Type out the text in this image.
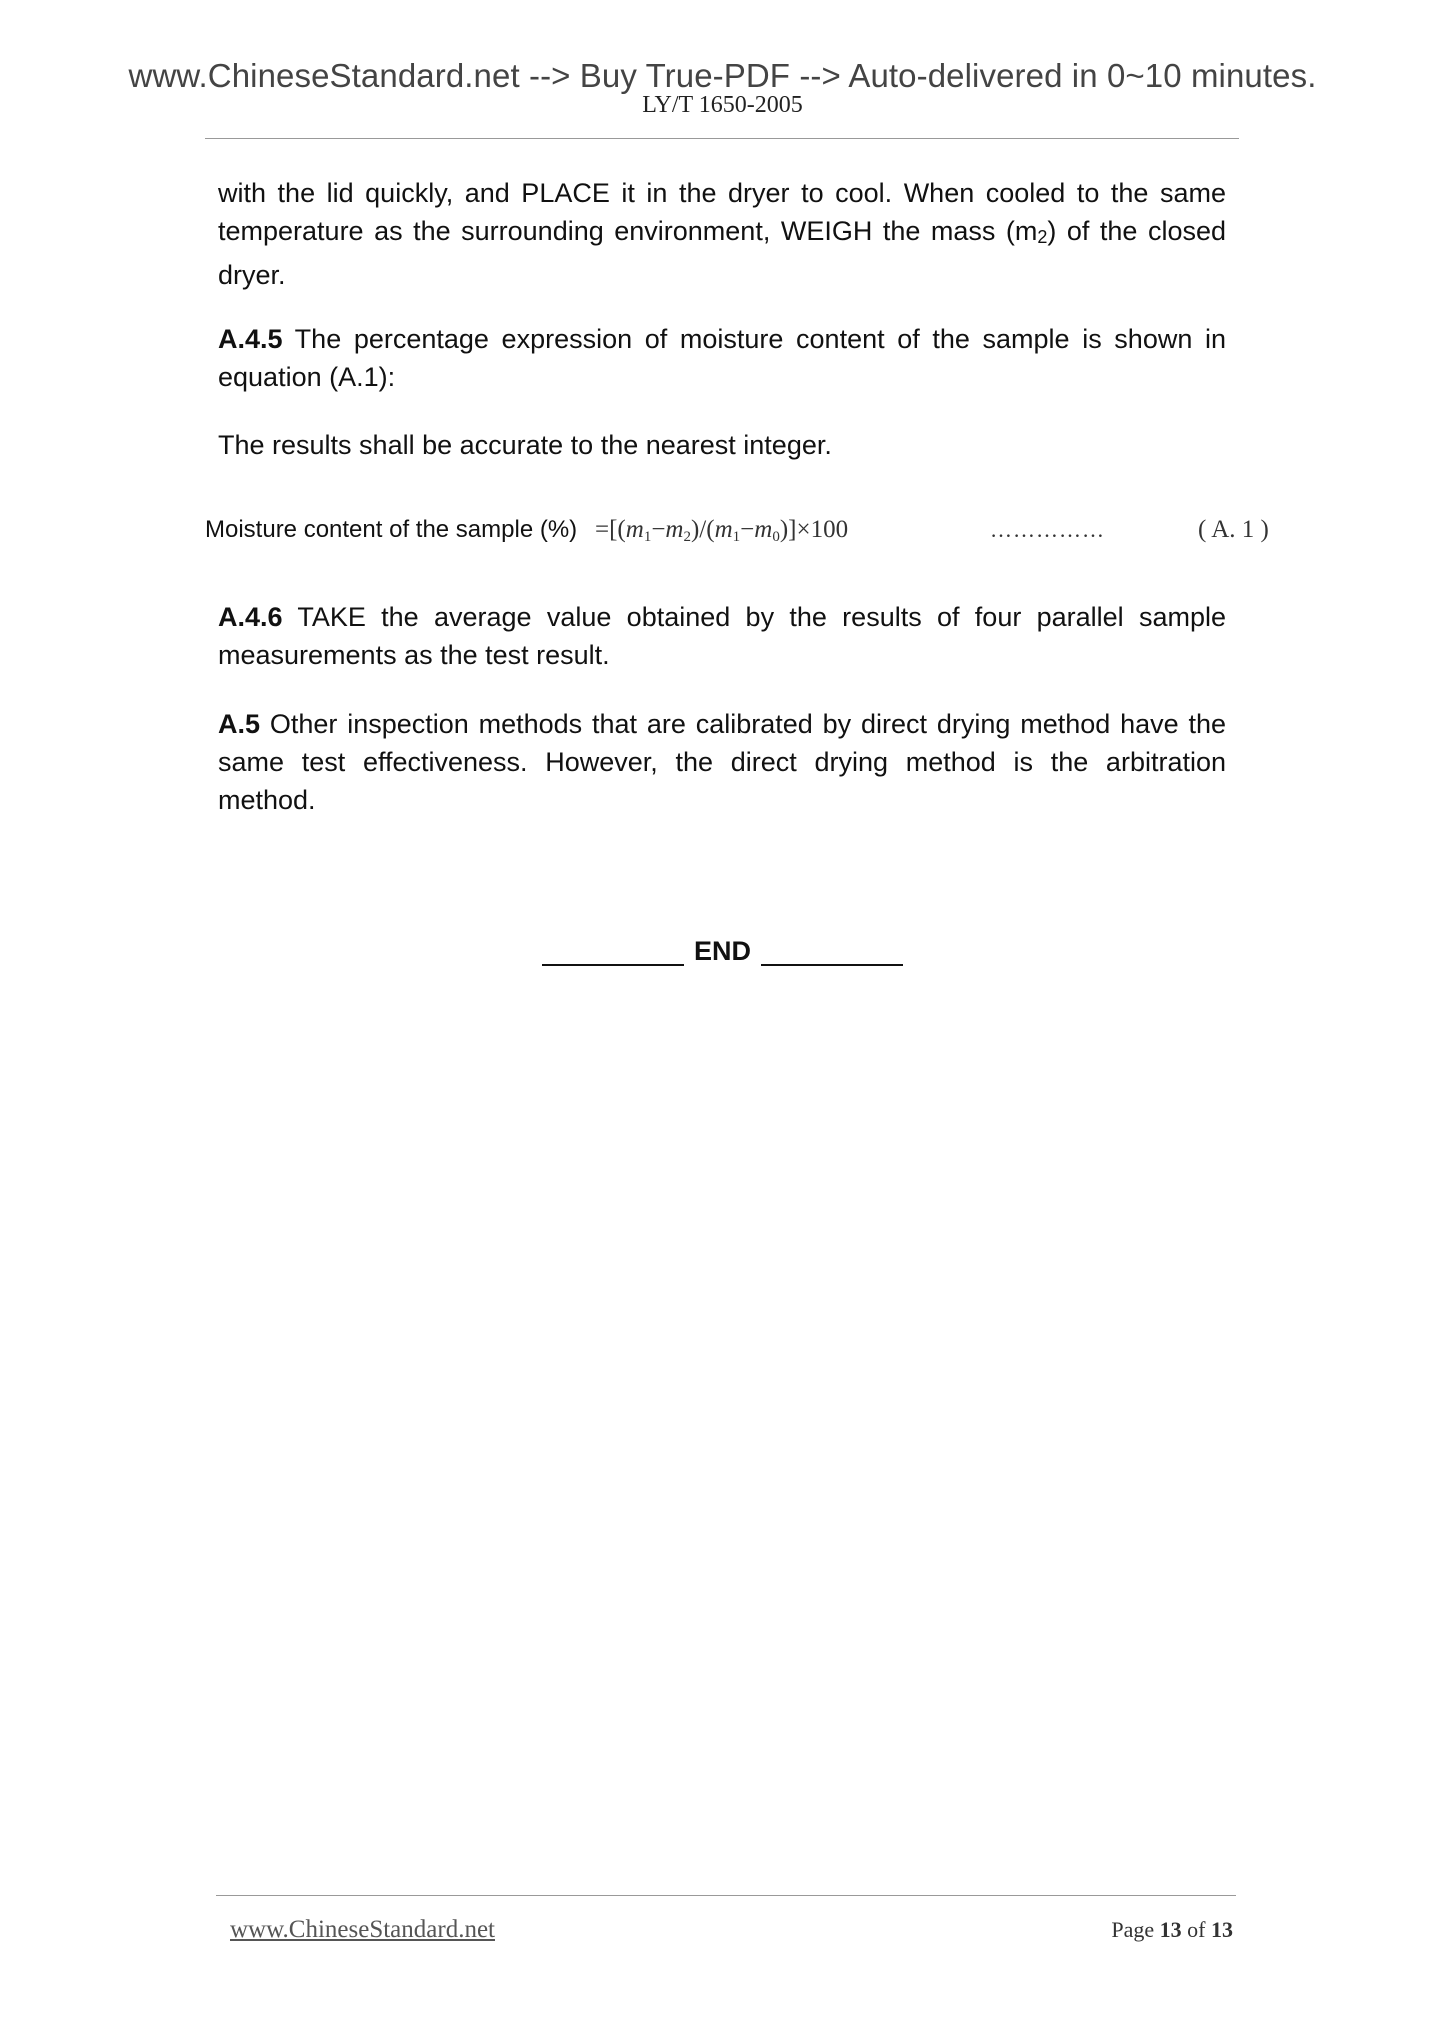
www.ChineseStandard.net --> Buy True-PDF --> Auto-delivered in 0~10 minutes.
LY/T 1650-2005

with the lid quickly, and PLACE it in the dryer to cool. When cooled to the same temperature as the surrounding environment, WEIGH the mass $(m_2)$ of the closed dryer.

A.4.5 The percentage expression of moisture content of the sample is shown in equation (A.1):

The results shall be accurate to the nearest integer.

Moisture content of the sample (%) $=[(m_1-m_2)/(m_1-m_0)]\times 100$	……………	( A. 1 )

A.4.6 TAKE the average value obtained by the results of four parallel sample measurements as the test result.

A.5 Other inspection methods that are calibrated by direct drying method have the same test effectiveness. However, the direct drying method is the arbitration method.

END
www.ChineseStandard.net	Page 13 of 13
